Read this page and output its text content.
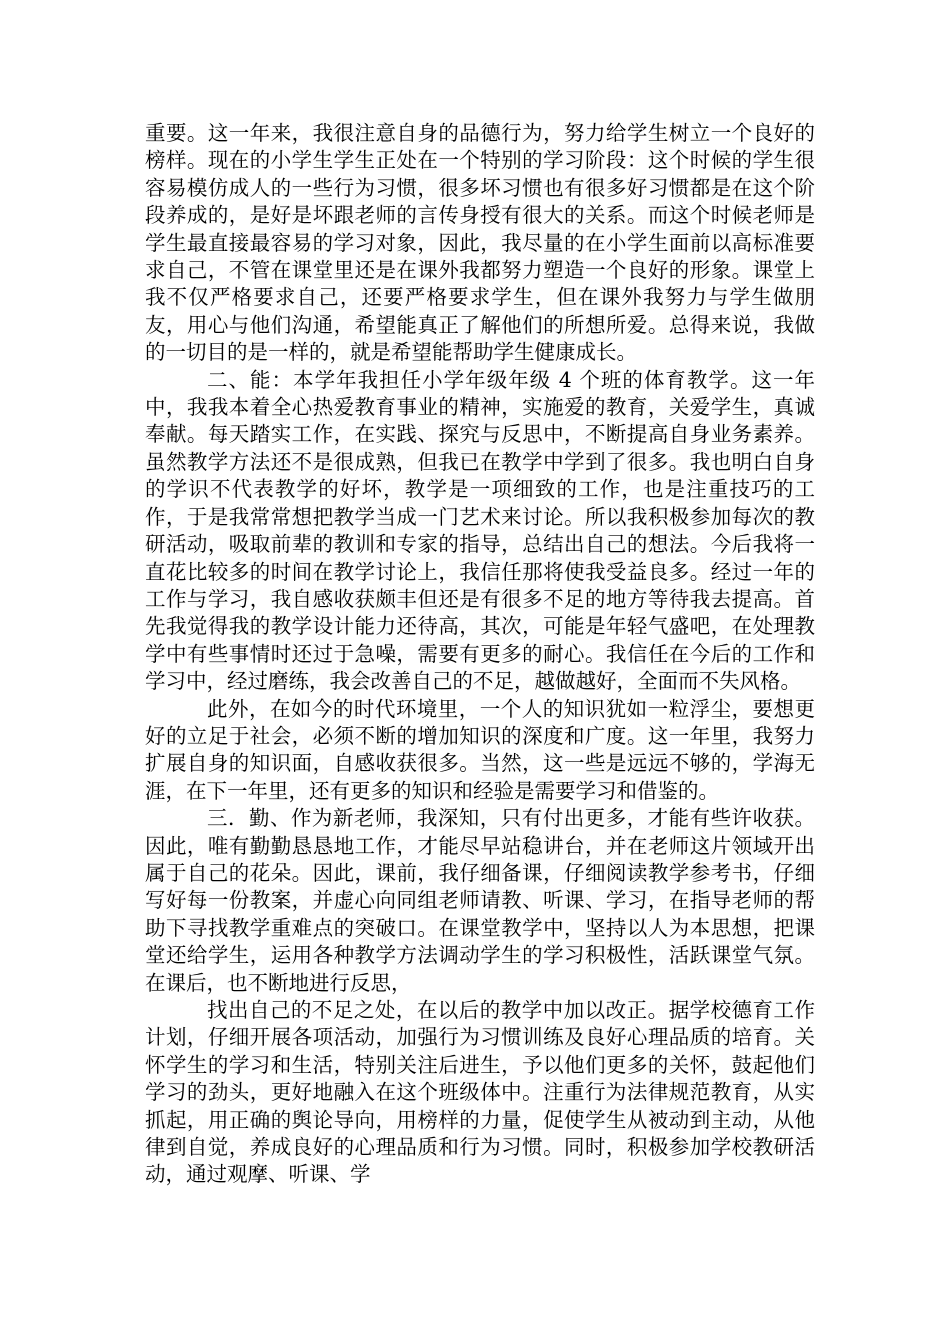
重要。这一年来，我很注意自身的品德行为，努力给学生树立一个良好的榜样。现在的小学生学生正处在一个特别的学习阶段：这个时候的学生很容易模仿成人的一些行为习惯，很多坏习惯也有很多好习惯都是在这个阶段养成的，是好是坏跟老师的言传身授有很大的关系。而这个时候老师是学生最直接最容易的学习对象，因此，我尽量的在小学生面前以高标准要求自己，不管在课堂里还是在课外我都努力塑造一个良好的形象。课堂上我不仅严格要求自己，还要严格要求学生，但在课外我努力与学生做朋友，用心与他们沟通，希望能真正了解他们的所想所爱。总得来说，我做的一切目的是一样的，就是希望能帮助学生健康成长。

二、能：本学年我担任小学年级年级 4 个班的体育教学。这一年中，我我本着全心热爱教育事业的精神，实施爱的教育，关爱学生，真诚奉献。每天踏实工作，在实践、探究与反思中，不断提高自身业务素养。虽然教学方法还不是很成熟，但我已在教学中学到了很多。我也明白自身的学识不代表教学的好坏，教学是一项细致的工作，也是注重技巧的工作，于是我常常想把教学当成一门艺术来讨论。所以我积极参加每次的教研活动，吸取前辈的教训和专家的指导，总结出自己的想法。今后我将一直花比较多的时间在教学讨论上，我信任那将使我受益良多。经过一年的工作与学习，我自感收获颇丰但还是有很多不足的地方等待我去提高。首先我觉得我的教学设计能力还待高，其次，可能是年轻气盛吧，在处理教学中有些事情时还过于急噪，需要有更多的耐心。我信任在今后的工作和学习中，经过磨练，我会改善自己的不足，越做越好，全面而不失风格。

此外，在如今的时代环境里，一个人的知识犹如一粒浮尘，要想更好的立足于社会，必须不断的增加知识的深度和广度。这一年里，我努力扩展自身的知识面，自感收获很多。当然，这一些是远远不够的，学海无涯，在下一年里，还有更多的知识和经验是需要学习和借鉴的。

三．勤、作为新老师，我深知，只有付出更多，才能有些许收获。因此，唯有勤勤恳恳地工作，才能尽早站稳讲台，并在老师这片领域开出属于自己的花朵。因此，课前，我仔细备课，仔细阅读教学参考书，仔细写好每一份教案，并虚心向同组老师请教、听课、学习，在指导老师的帮助下寻找教学重难点的突破口。在课堂教学中，坚持以人为本思想，把课堂还给学生，运用各种教学方法调动学生的学习积极性，活跃课堂气氛。在课后，也不断地进行反思，

找出自己的不足之处，在以后的教学中加以改正。据学校德育工作计划，仔细开展各项活动，加强行为习惯训练及良好心理品质的培育。关怀学生的学习和生活，特别关注后进生，予以他们更多的关怀，鼓起他们学习的劲头，更好地融入在这个班级体中。注重行为法律规范教育，从实抓起，用正确的舆论导向，用榜样的力量，促使学生从被动到主动，从他律到自觉，养成良好的心理品质和行为习惯。同时，积极参加学校教研活动，通过观摩、听课、学
